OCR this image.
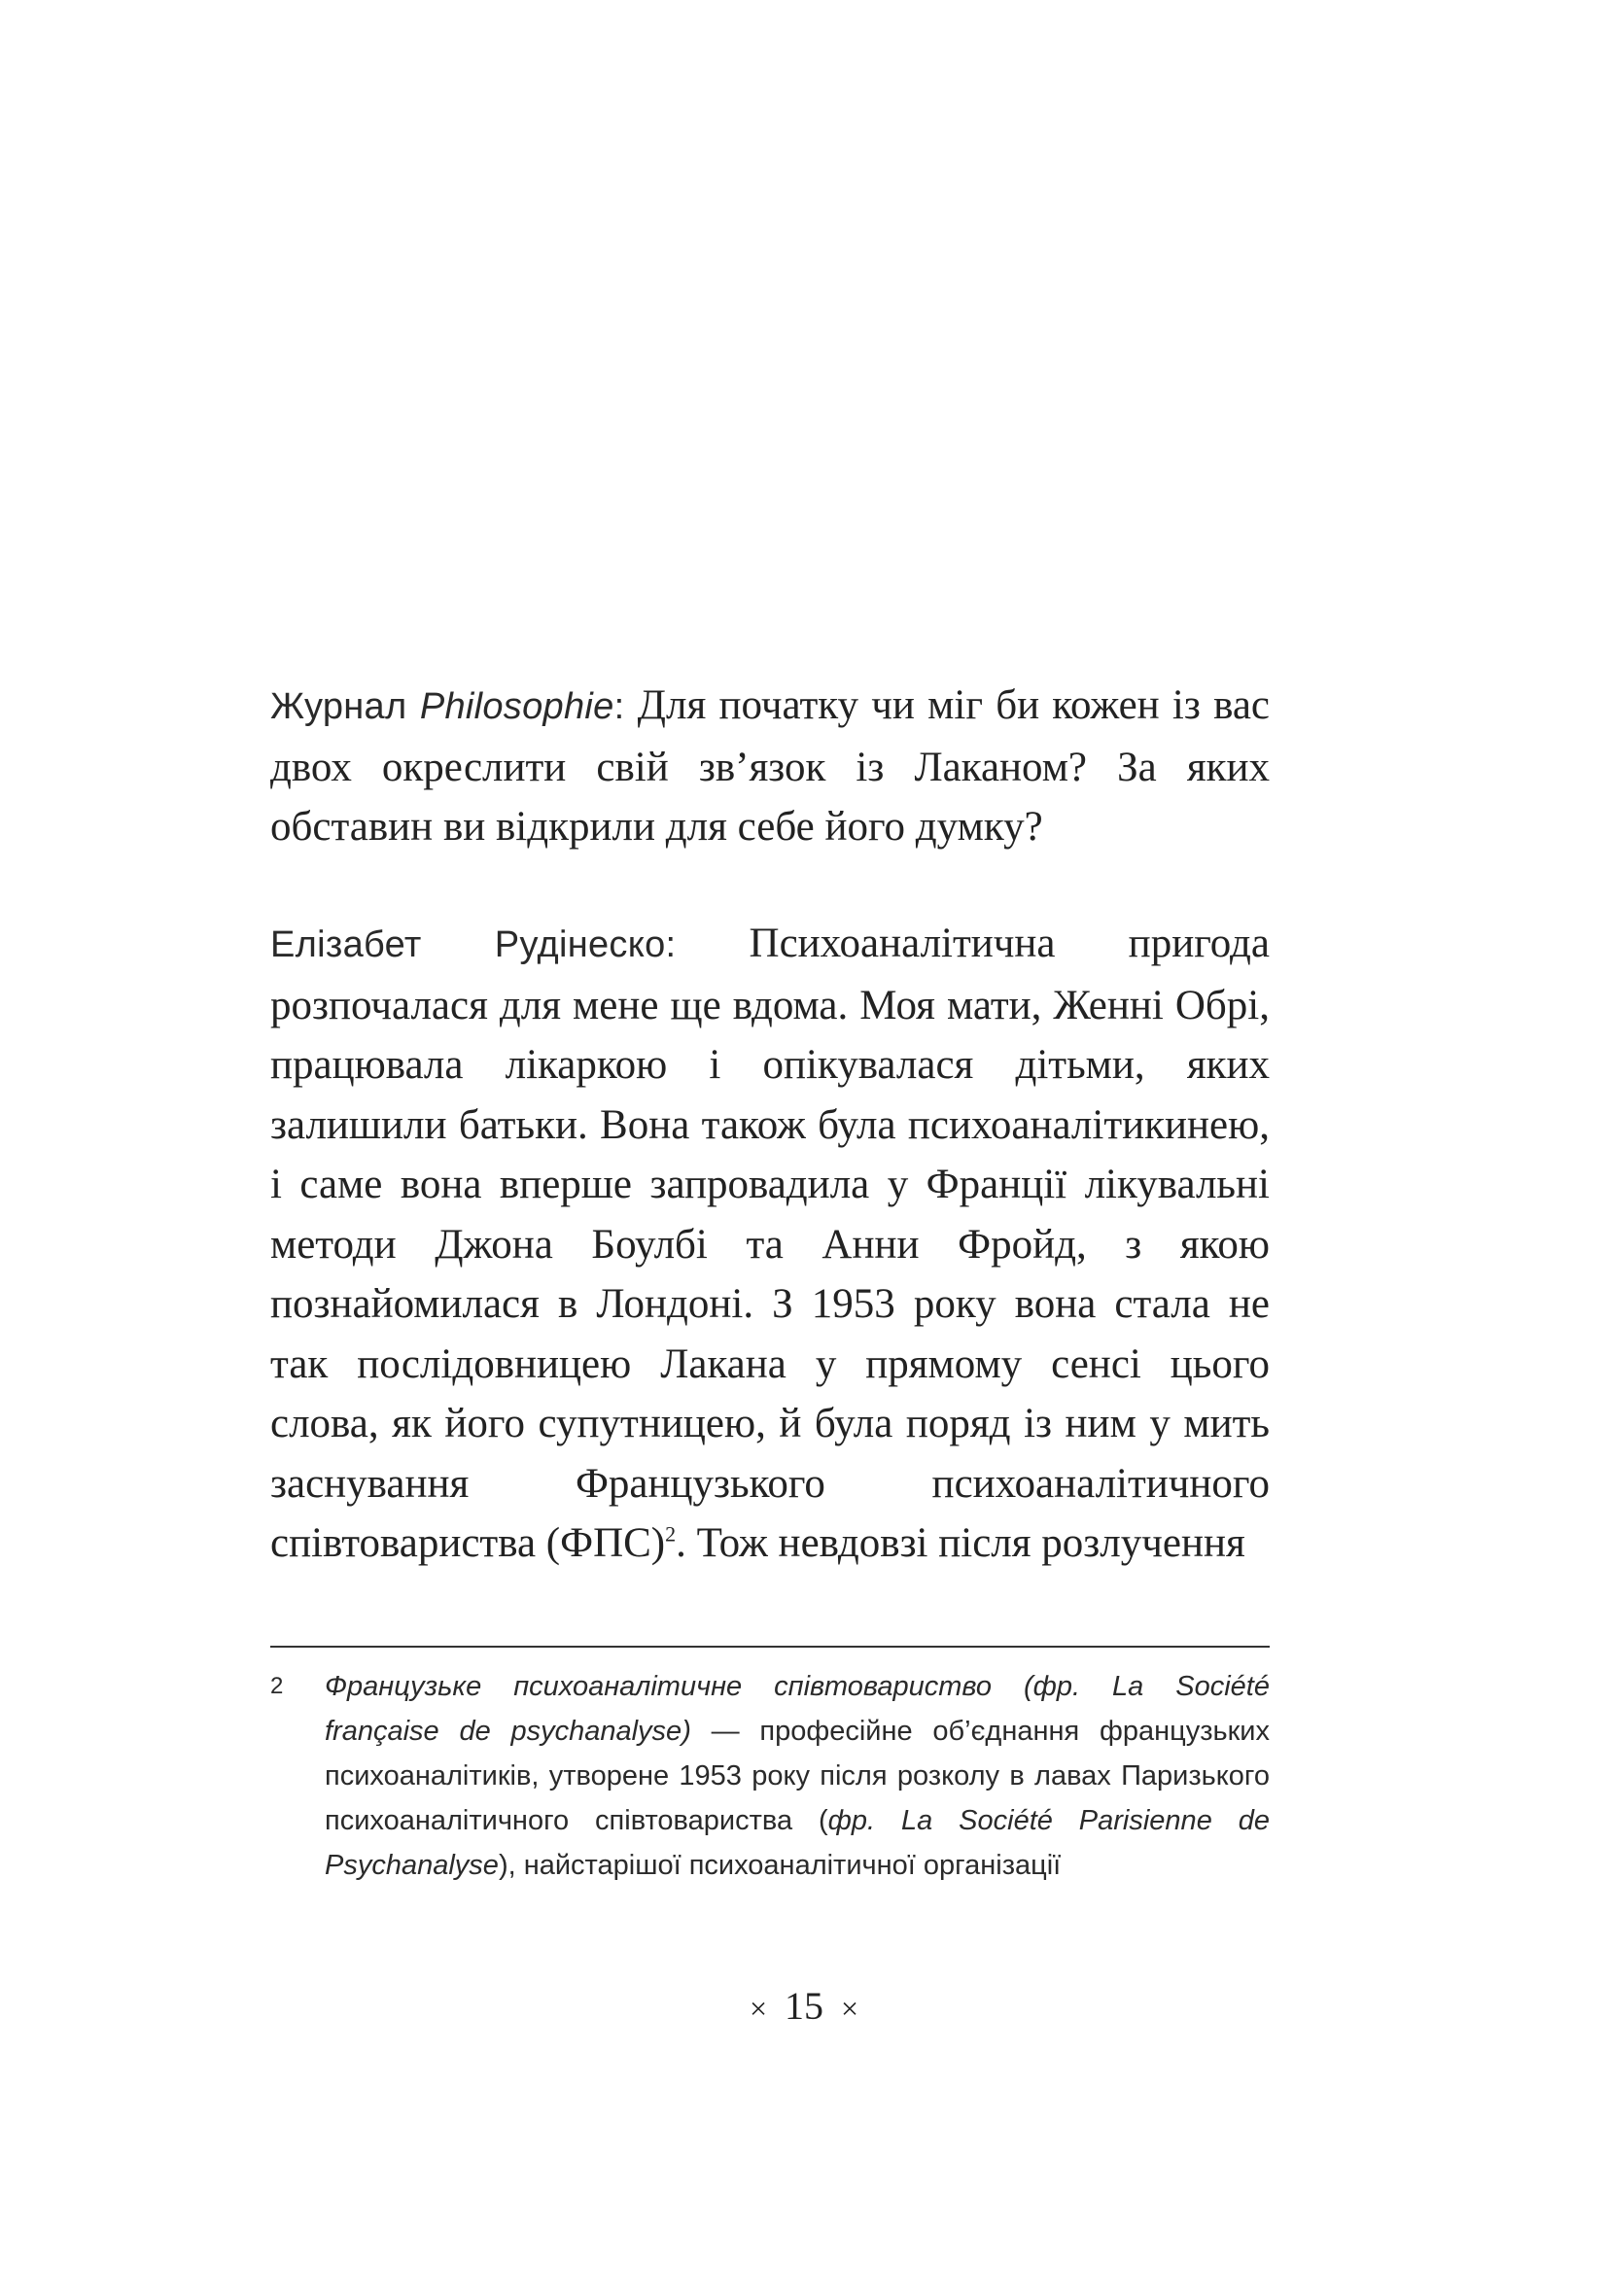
Журнал Philosophie: Для початку чи міг би кожен із вас двох окреслити свій зв’язок із Лаканом? За яких обставин ви відкрили для себе його думку?

Елізабет Рудінеско: Психоаналітична пригода розпочалася для мене ще вдома. Моя мати, Женні Обрі, працювала лікаркою і опікувалася дітьми, яких залишили батьки. Вона також була психоаналітикинею, і саме вона вперше запровадила у Франції лікувальні методи Джона Боулбі та Анни Фройд, з якою познайомилася в Лондоні. З 1953 року вона стала не так послідовницею Лакана у прямому сенсі цього слова, як його супутницею, й була поряд із ним у мить заснування Французького психоаналітичного співтовариства (ФПС)$^2$. Тож невдовзі після розлучення

2 Французьке психоаналітичне співтовариство (фр. La Société française de psychanalyse) — професійне об’єднання французьких психоаналітиків, утворене 1953 року після розколу в лавах Паризького психоаналітичного співтовариства (фр. La Société Parisienne de Psychanalyse), найстарішої психоаналітичної організації

× 15 ×
